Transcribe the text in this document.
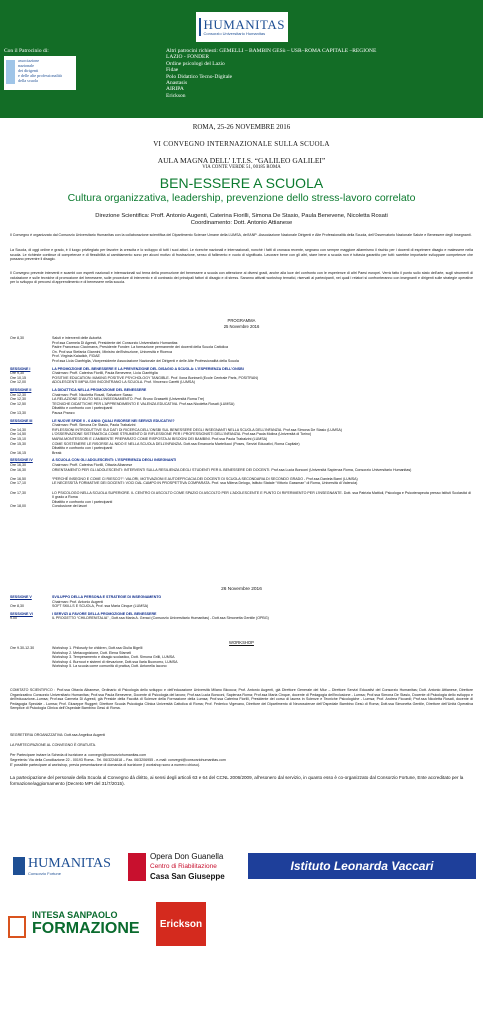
HUMANITAS
Consorzio Universitario Humanitas
Con il Patrocinio di:
associazione
nazionale
dei dirigenti
e delle alte professionalità
della scuola
Altri patrocini richiesti: GEMELLI – BAMBIN GESù – USR–ROMA CAPITALE –REGIONE
LAZIO - FONDER
Ordine psicologi del Lazio
Fidae
Polo Didattico Tecno-Digitale
Anastasis
AIRIPA
Erickson
ROMA, 25-26 NOVEMBRE 2016
VI CONVEGNO INTERNAZIONALE SULLA SCUOLA
AULA MAGNA DELL’ I.T.I.S. “GALILEO GALILEI”
VIA CONTE VERDE 51, 00185 ROMA
BEN-ESSERE A SCUOLA
Cultura organizzativa, leadership, prevenzione dello stress-lavoro correlato
Direzione Scientifica: Proff. Antonio Augenti, Caterina Fiorilli, Simona De Stasio, Paula Benevene, Nicoletta Rosati
Coordinamento: Dott. Antonio Attianese
Il Convegno è organizzato dal Consorzio Universitario Humanitas con la collaborazione scientifica del Dipartimento Scienze Umane della LUMSA, dell’ANP -Associazione Nazionale Dirigenti e Alte Professionalità della Scuola, dell’Osservatorio Nazionale Salute e Benessere degli Insegnanti.
La Scuola, di oggi online e grado, è il luogo privilegiato per favorire la crescita e lo sviluppo di tutti i suoi attori. Le ricerche nazionali e internazionali, nonché i fatti di cronaca recente, segnano con sempre maggiore allarmismo il rischio per i docenti di esprimere disagio e malessere nella scuola. Le richieste continue di competenze e di flessibilità al cambiamento sono per alcuni motivo di frustrazione, senso di fallimento e vuoto di significato. Lavorare bene con gli altri, stare bene a scuola non è tuttavia garantito per tutti: sarebbe importante sviluppare competenze che possano prevenire il disagio.
Il Convegno prevede interventi e scambi con esperti nazionali e internazionali sul tema della promozione del benessere a scuola con attenzione ai diversi gradi, anche alla luce del confronto con le esperienze di altri Paesi europei. Verrà fatto il punto sullo stato dell’arte, sugli strumenti di valutazione e sulle tecniche di promozione del benessere, sulle procedure di intervento e di contrasto dei principali fattori di disagio e di stress. Saranno attivati workshop tematici, riservati ai partecipanti, nei quali i relatori si confronteranno con insegnanti e dirigenti sulle strategie operative per lo sviluppo di percorsi di apprendimento e di benessere nella scuola.
PROGRAMMA
25 Novembre 2016
Ore 8,30	Saluti e interventi delle Autorità
Prof.ssa Carmela Di Agresti, Presidente del Consorzio Universitario Humanitas
Padre Francesco Ciccimarra, Presidente Fonder: La formazione permanente dei docenti della Scuola Cattolica
On. Prof.ssa Stefania Giannini, Ministro dell’Istruzione, Università e Ricerca
Prof. Virginia Kaladich, FIDAE
Prof.ssa Licia Cianfriglia, Vicepresidente Associazione Nazionale dei Dirigenti e delle Alte Professionalità della Scuola
SESSIONE I	LA PROMOZIONE DEL BENESSERE E LA PREVENZIONE DEL DISAGIO A SCUOLA: L’ESPERIENZA DELL’ONSBI
Ore 9,30	Chairman: Proff. Caterina Fiorilli, Paula Benevene, Licia Cianfriglia
Ore 10,15	POSITIVE EDUCATION: MAKING POSITIVE PSYCHOLOGY TANGIBLE. Prof. Ilona Boniwell (Ecole Centrale Paris, POSITRAN)
Ore 12,00	ADOLESCENTI IMPULSIVI INCONTRANO LA SCUOLA. Prof. Vincenzo Caretti (LUMSA)
SESSIONE II	LA DIDATTICA NELLA PROMOZIONE DEL BENESSERE
Ore 12,30	Chairman: Proff. Nicoletta Rosati, Salvatore Sasso
Ore 12,30	LA RELAZIONE D’AIUTO NELL’INSEGNAMENTO. Prof. Bruno Grassetti (Università Roma Tre)
Ore 12,50	TECNICHE DIDATTICHE PER L’APPRENDIMENTO E VALENZA EDUCATIVA. Prof.ssa Nicoletta Rosati (LUMSA)
Dibattito e confronto con i partecipanti
Ore 13,30	Pausa Pranzo
SESSIONE III	LE NUOVE SFIDE 0 - 6 ANNI: QUALI RISORSE NEI SERVIZI EDUCATIVI?
Chairman: Proff. Simona De Stasio, Paola Trabalzini
Ore 14,30	RIFLESSIONI INTRODUTTIVE SUI DATI DI RICERCA DELL’ONSBI SUL BENESSERE DEGLI INSEGNANTI NELLA SCUOLA DELL’INFANZIA. Prof.ssa Simona De Stasio (LUMSA)
Ore 14,50	L’OSSERVAZIONE SISTEMATICA COME STRUMENTO DI RIFLESSIONE PER I PROFESSIONISTI DELL’INFANZIA. Prof.ssa Paola Molina (Università di Torino)
Ore 15,10	MARIA MONTESSORI E L’AMBIENTE PREPARATO COME RISPOSTA AI BISOGNI DEI BAMBINI. Prof.ssa Paola Trabalzini (LUMSA)
Ore 15,30	COME SOSTENERE LE RISORSE AL NIDO E NELLA SCUOLA DELL’INFANZIA. Dott.ssa Emanuela Martellucci (Poses, Servizi Educativi, Roma Capitale)
Dibattito e confronto con i partecipanti
Ore 16,15	Break
SESSIONE IV	A SCUOLA CON GLI ADOLESCENTI: L’ESPERIENZA DEGLI INSEGNANTI
Ore 16,30	Chairman: Proff. Caterina Fiorilli, Ottavia Albanese
Ore 16,30	ORIENTAMENTO PER GLI ADOLESCENTI: INTERVENTI SULLA RESILIENZA DEGLI STUDENTI PER IL BENESSERE DEI DOCENTI. Prof.ssa Lucia Bonconi (Università Sapienza Roma, Consorzio Universitario Humanitas)
Ore 16,50	“PERCHÉ INSEGNO E COME CI RIESCO?”: VALORI, MOTIVAZIONI E AUTOEFFICACIA DEI DOCENTI DI SCUOLA SECONDARIA DI SECONDO GRADO - Prof.ssa Daniela Barni (LUMSA)
Ore 17,10	LE NECESSITÀ FORMATIVE DEI DOCENTI: VOCI DAL CAMPO IN PROSPETTIVA COMPARATA. Prof. ssa Milena Delogu, Istituto Statale “Vittorio Gassman” di Roma, Università di Valencia)
Ore 17,30	LO PSICOLOGO NELLA SCUOLA SUPERIORE. IL CENTRO DI ASCOLTO COME SPAZIO DI ASCOLTO PER L’ADOLESCENTE E PUNTO DI RIFERIMENTO PER L’INSEGNANTE. Dott. ssa Patrizia Mattioli, Psicologa e Psicoterapeuta presso Istituti Scolastici di II grado a Roma
Dibattito e confronto con i partecipanti
Ore 18,00	Conclusione dei lavori
26 Novembre 2016
SESSIONE V	SVILUPPO DELLA PERSONA E STRATEGIE DI INSEGNAMENTO
Chairman: Prof. Antonio Augenti
Ore 8,30	SOFT SKILLS E SCUOLA, Prof. ssa Maria Cinque (LUMSA)
SESSIONE VI	I SERVIZI A FAVORE DELLA PROMOZIONE DEL BENESSERE
9.00	IL PROGETTO “CHILDRENITALIA” , Dott.ssa Maria A. Geraci (Consorzio Universitario Humanitas) - Dott.ssa Simonetta Gentile (OPBG)
WORKSHOP
Ore 9.30-12.30	Workshop 1. Philosofy for children, Dott.ssa Giulia Bigelli
Workshop 2. Metacognizione, Dott. Elena Sfameli
Workshop 3. Temperamento e disagio scolastico, Dott. Simona Grilli, LUMSA
Workshop 4. Burnout e sistemi di rilevazione, Dott.ssa Ilaria Buonomo, LUMSA
Workshop 5. La scuola come comunità di pratica, Dott. Antonella Iacono
COMITATO SCIENTIFICO : Prof.ssa Ottavia Albanese, Ordinario di Psicologia dello sviluppo e dell’educazione Università Milano Bicocca; Prof. Antonio Augenti, già Direttore Generale del Miur – Direttore Servizi Educativi del Consorzio Humanitas; Dott. Antonio Attianese, Direttore Organizzativo Consorzio Universitario Humanitas; Prof.ssa Paula Benevene, Docente di Psicologia del lavoro; Prof.ssa Lucia Bonconi, Sapienza Roma; Prof.ssa Maria Cinque, docente di Pedagogia dell’inclusione - Lumsa; Prof.ssa Simona De Stasio, Docente di Psicologia dello sviluppo e dell’educazione–Lumsa; Prof.ssa Carmela Di Agresti, già Preside della Facoltà di Scienze della Formazione della Lumsa; Prof.ssa Caterina Fiorilli, Presidente del corso di laurea in Scienze e Tecniche Psicologiche - Lumsa; Prof. Andrea Ficcardi; Prof.ssa Nicoletta Rosati, docente di Pedagogia Speciale - Lumsa; Prof. Giuseppe Ruggeri; Direttore Scuola Psicologia Clinica Università Cattolica di Roma; Prof. Federico Vigevano, Direttore del Dipartimento di Neuroscienze dell’Ospedale Bambino Gesù di Roma; Dott.ssa Simonetta Gentile, Direttore dell’Unità Operativa Semplice di Psicologia Clinica dell’Ospedale Bambino Gesù di Roma.
SEGRETERIA ORGANIZZATIVA: Dott.ssa Angelica Augenti
LA PARTECIPAZIONE AL CONVEGNO È GRATUITA.
Per Partecipare inviare la Scheda di iscrizione a: convegni@consorziohumanitas.com
Segreteria: Via della Conciliazione 22 - 00193 Roma - Tel. 06/3224818 – Fax. 06/3206955 - e-mail: convegni@consorziohumanitas.com
E’ possibile partecipare al workshop, previa presentazione di domanda di iscrizione (i workshop sono a numero chiuso).
La partecipazione del personale della Scuola al Convegno dà diritto, ai sensi degli articoli 63 e 64 del CCNL 2006/2009, all’esonero dal servizio, in quanto esso è co-organizzato dal Consorzio Fortune, Ente accreditato per la formazione/aggiornamento (Decreto MPI del 31/7/2015).
HUMANITAS
Consorzio Fortune
Opera Don Guanella
Centro di Riabilitazione
Casa San Giuseppe
Istituto Leonarda Vaccari
INTESA SANPAOLO
FORMAZIONE Erickson
